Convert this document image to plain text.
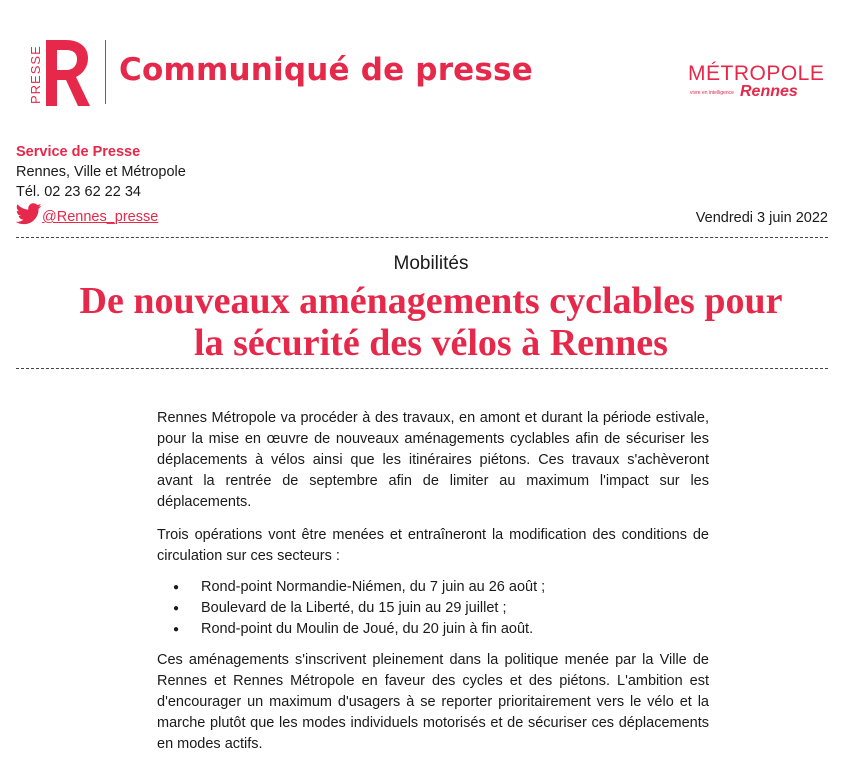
PRESSE Communiqué de presse	MÉTROPOLE
vivre en intelligence Rennes
Service de Presse
Rennes, Ville et Métropole
Tél. 02 23 62 22 34
@Rennes_presse	Vendredi 3 juin 2022
Mobilités
De nouveaux aménagements cyclables pour
la sécurité des vélos à Rennes

Rennes Métropole va procéder à des travaux, en amont et durant la période estivale, pour la mise en œuvre de nouveaux aménagements cyclables afin de sécuriser les déplacements à vélos ainsi que les itinéraires piétons. Ces travaux s'achèveront avant la rentrée de septembre afin de limiter au maximum l'impact sur les déplacements.

Trois opérations vont être menées et entraîneront la modification des conditions de circulation sur ces secteurs :

● Rond-point Normandie-Niémen, du 7 juin au 26 août ;
● Boulevard de la Liberté, du 15 juin au 29 juillet ;
● Rond-point du Moulin de Joué, du 20 juin à fin août.

Ces aménagements s'inscrivent pleinement dans la politique menée par la Ville de Rennes et Rennes Métropole en faveur des cycles et des piétons. L'ambition est d'encourager un maximum d'usagers à se reporter prioritairement vers le vélo et la marche plutôt que les modes individuels motorisés et de sécuriser ces déplacements en modes actifs.
